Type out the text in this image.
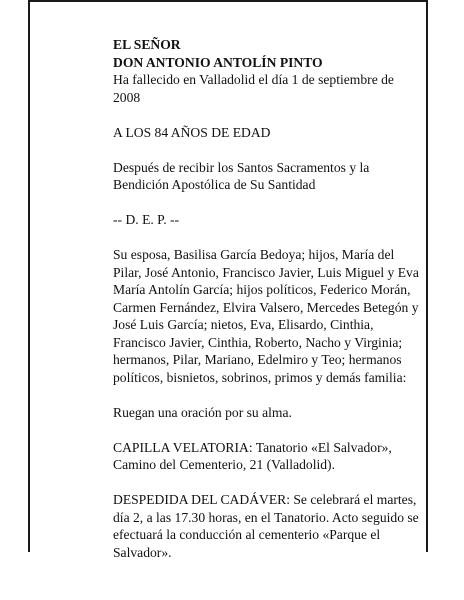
EL SEÑOR

DON ANTONIO ANTOLÍN PINTO

Ha fallecido en Valladolid el día 1 de septiembre de 2008

A LOS 84 AÑOS DE EDAD

Después de recibir los Santos Sacramentos y la Bendición Apostólica de Su Santidad

-- D. E. P. --

Su esposa, Basilisa García Bedoya; hijos, María del Pilar, José Antonio, Francisco Javier, Luis Miguel y Eva María Antolín García; hijos políticos, Federico Morán, Carmen Fernández, Elvira Valsero, Mercedes Betegón y José Luis García; nietos, Eva, Elisardo, Cinthia, Francisco Javier, Cinthia, Roberto, Nacho y Virginia; hermanos, Pilar, Mariano, Edelmiro y Teo; hermanos políticos, bisnietos, sobrinos, primos y demás familia:

Ruegan una oración por su alma.

CAPILLA VELATORIA: Tanatorio «El Salvador», Camino del Cementerio, 21 (Valladolid).

DESPEDIDA DEL CADÁVER: Se celebrará el martes, día 2, a las 17.30 horas, en el Tanatorio. Acto seguido se efectuará la conducción al cementerio «Parque el Salvador».
